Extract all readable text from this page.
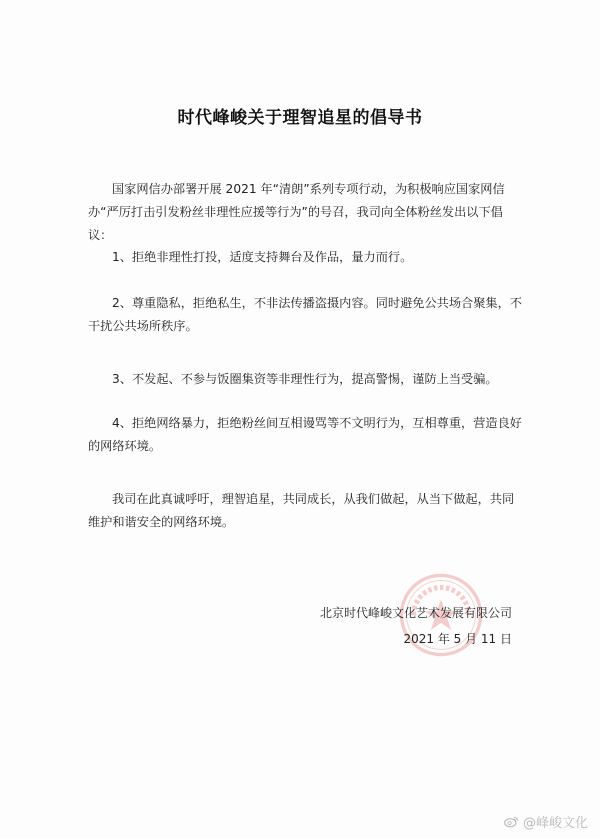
时代峰峻关于理智追星的倡导书
国家网信办部署开展 2021 年“清朗”系列专项行动，为积极响应国家网信办“严厉打击引发粉丝非理性应援等行为”的号召，我司向全体粉丝发出以下倡议：
1、拒绝非理性打投，适度支持舞台及作品，量力而行。
2、尊重隐私，拒绝私生，不非法传播盗摄内容。同时避免公共场合聚集，不干扰公共场所秩序。
3、不发起、不参与饭圈集资等非理性行为，提高警惕，谨防上当受骗。
4、拒绝网络暴力，拒绝粉丝间互相谩骂等不文明行为，互相尊重，营造良好的网络环境。
我司在此真诚呼吁，理智追星，共同成长，从我们做起，从当下做起，共同维护和谐安全的网络环境。
北京时代峰峻文化艺术发展有限公司
2021 年 5 月 11 日
@峰峻文化
